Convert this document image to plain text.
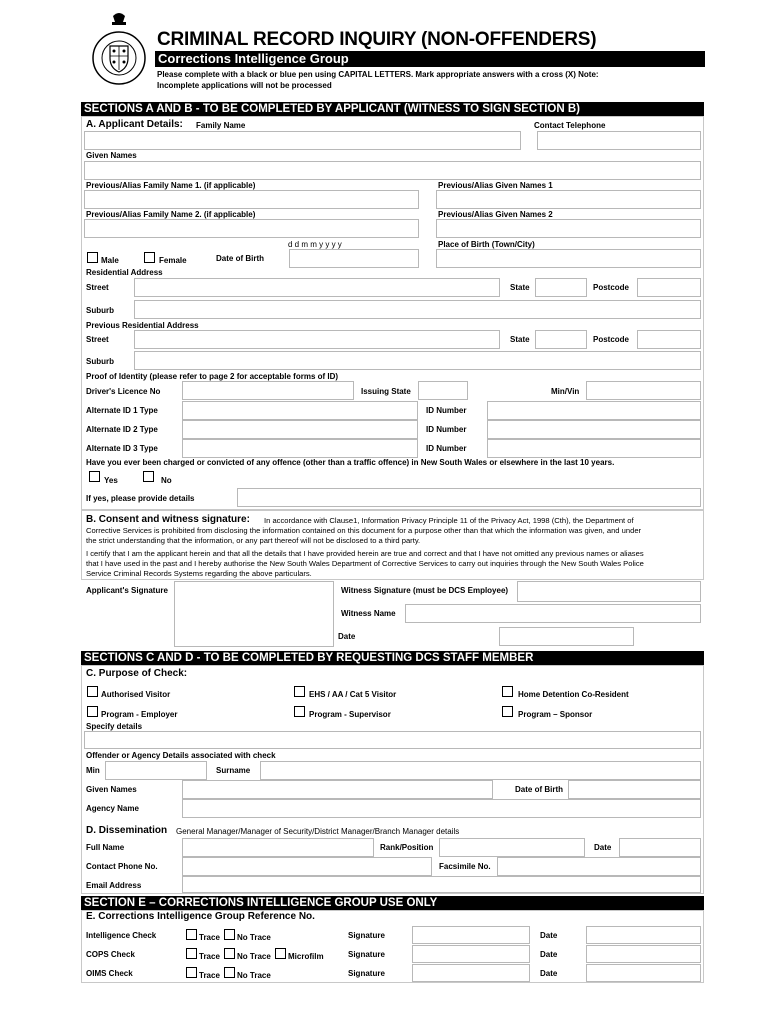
CRIMINAL RECORD INQUIRY (NON-OFFENDERS)
Corrections Intelligence Group
Please complete with a black or blue pen using CAPITAL LETTERS. Mark appropriate answers with a cross (X) Note:
Incomplete applications will not be processed
SECTIONS A AND B - TO BE COMPLETED BY APPLICANT (WITNESS TO SIGN SECTION B)
A. Applicant Details: Family Name	Contact Telephone
Given Names
Previous/Alias Family Name 1. (if applicable)	Previous/Alias Given Names 1
Previous/Alias Family Name 2. (if applicable)	Previous/Alias Given Names 2
d d m m y y y y	Place of Birth (Town/City)
Male	Female	Date of Birth
Residential Address
Street	State	Postcode
Suburb
Previous Residential Address
Street	State	Postcode
Suburb
Proof of Identity (please refer to page 2 for acceptable forms of ID)
Driver's Licence No	Issuing State	Min/Vin
Alternate ID 1 Type	ID Number
Alternate ID 2 Type	ID Number
Alternate ID 3 Type	ID Number
Have you ever been charged or convicted of any offence (other than a traffic offence) in New South Wales or elsewhere in the last 10 years.
Yes	No
If yes, please provide details
B. Consent and witness signature: In accordance with Clause1, Information Privacy Principle 11 of the Privacy Act, 1998 (Cth), the Department of
Corrective Services is prohibited from disclosing the information contained on this document for a purpose other than that which the information was given, and under
the strict understanding that the information, or any part thereof will not be disclosed to a third party.
I certify that I am the applicant herein and that all the details that I have provided herein are true and correct and that I have not omitted any previous names or aliases
that I have used in the past and I hereby authorise the New South Wales Department of Corrective Services to carry out inquiries through the New South Wales Police
Service Criminal Records Systems regarding the above particulars.
Applicant's Signature	Witness Signature (must be DCS Employee)
Witness Name
Date
SECTIONS C AND D - TO BE COMPLETED BY REQUESTING DCS STAFF MEMBER
C. Purpose of Check:
Authorised Visitor	EHS / AA / Cat 5 Visitor	Home Detention Co-Resident
Program - Employer	Program - Supervisor	Program – Sponsor
Specify details
Offender or Agency Details associated with check
Min	Surname
Given Names	Date of Birth
Agency Name
D. Dissemination General Manager/Manager of Security/District Manager/Branch Manager details
Full Name	Rank/Position	Date
Contact Phone No.	Facsimile No.
Email Address
SECTION E – CORRECTIONS INTELLIGENCE GROUP USE ONLY
E. Corrections Intelligence Group Reference No.
Intelligence Check	Trace No Trace	Signature	Date
COPS Check	Trace No Trace Microfilm	Signature	Date
OIMS Check	Trace No Trace	Signature	Date
